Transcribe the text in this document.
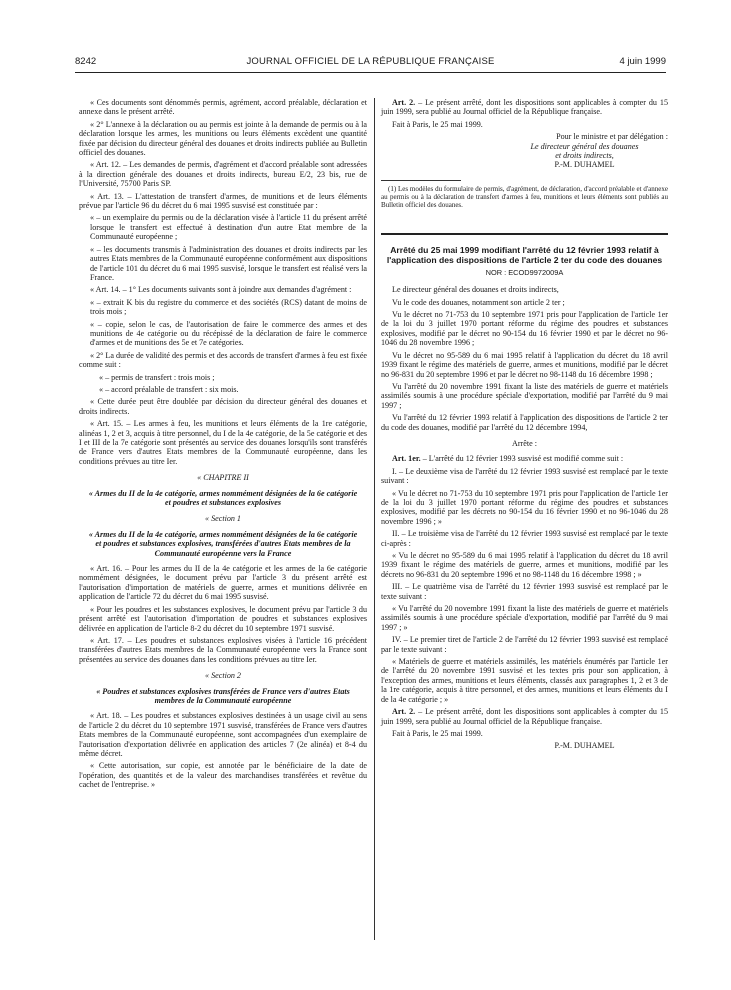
8242	JOURNAL OFFICIEL DE LA RÉPUBLIQUE FRANÇAISE	4 juin 1999

« Ces documents sont dénommés permis, agrément, accord préalable, déclaration et annexe dans le présent arrêté.

« 2° L'annexe à la déclaration ou au permis est jointe à la demande de permis ou à la déclaration lorsque les armes, les munitions ou leurs éléments excèdent une quantité fixée par décision du directeur général des douanes et droits indirects publiée au Bulletin officiel des douanes.

« Art. 12. – Les demandes de permis, d'agrément et d'accord préalable sont adressées à la direction générale des douanes et droits indirects, bureau E/2, 23 bis, rue de l'Université, 75700 Paris SP.

« Art. 13. – L'attestation de transfert d'armes, de munitions et de leurs éléments prévue par l'article 96 du décret du 6 mai 1995 susvisé est constituée par :

« – un exemplaire du permis ou de la déclaration visée à l'article 11 du présent arrêté lorsque le transfert est effectué à destination d'un autre Etat membre de la Communauté européenne ;

« – les documents transmis à l'administration des douanes et droits indirects par les autres Etats membres de la Communauté européenne conformément aux dispositions de l'article 101 du décret du 6 mai 1995 susvisé, lorsque le transfert est réalisé vers la France.

« Art. 14. – 1° Les documents suivants sont à joindre aux demandes d'agrément :

« – extrait K bis du registre du commerce et des sociétés (RCS) datant de moins de trois mois ;

« – copie, selon le cas, de l'autorisation de faire le commerce des armes et des munitions de 4e catégorie ou du récépissé de la déclaration de faire le commerce d'armes et de munitions des 5e et 7e catégories.

« 2° La durée de validité des permis et des accords de transfert d'armes à feu est fixée comme suit :

« – permis de transfert : trois mois ;

« – accord préalable de transfert : six mois.

« Cette durée peut être doublée par décision du directeur général des douanes et droits indirects.

« Art. 15. – Les armes à feu, les munitions et leurs éléments de la 1re catégorie, alinéas 1, 2 et 3, acquis à titre personnel, du I de la 4e catégorie, de la 5e catégorie et des I et III de la 7e catégorie sont présentés au service des douanes lorsqu'ils sont transférés de France vers d'autres Etats membres de la Communauté européenne, dans les conditions prévues au titre Ier.

« CHAPITRE II

« Armes du II de la 4e catégorie, armes nommément désignées de la 6e catégorie et poudres et substances explosives

« Section 1

« Armes du II de la 4e catégorie, armes nommément désignées de la 6e catégorie et poudres et substances explosives, transférées d'autres Etats membres de la Communauté européenne vers la France

« Art. 16. – Pour les armes du II de la 4e catégorie et les armes de la 6e catégorie nommément désignées, le document prévu par l'article 3 du présent arrêté est l'autorisation d'importation de matériels de guerre, armes et munitions délivrée en application de l'article 72 du décret du 6 mai 1995 susvisé.

« Pour les poudres et les substances explosives, le document prévu par l'article 3 du présent arrêté est l'autorisation d'importation de poudres et substances explosives délivrée en application de l'article 8-2 du décret du 10 septembre 1971 susvisé.

« Art. 17. – Les poudres et substances explosives visées à l'article 16 précédent transférées d'autres Etats membres de la Communauté européenne vers la France sont présentées au service des douanes dans les conditions prévues au titre Ier.

« Section 2

« Poudres et substances explosives transférées de France vers d'autres Etats membres de la Communauté européenne

« Art. 18. – Les poudres et substances explosives destinées à un usage civil au sens de l'article 2 du décret du 10 septembre 1971 susvisé, transférées de France vers d'autres Etats membres de la Communauté européenne, sont accompagnées d'un exemplaire de l'autorisation d'exportation délivrée en application des articles 7 (2e alinéa) et 8-4 du même décret.

« Cette autorisation, sur copie, est annotée par le bénéficiaire de la date de l'opération, des quantités et de la valeur des marchandises transférées et revêtue du cachet de l'entreprise. »

Art. 2. – Le présent arrêté, dont les dispositions sont applicables à compter du 15 juin 1999, sera publié au Journal officiel de la République française.

Fait à Paris, le 25 mai 1999.

Pour le ministre et par délégation :

Le directeur général des douanes

et droits indirects,

P.-M. DUHAMEL

(1) Les modèles du formulaire de permis, d'agrément, de déclaration, d'accord préalable et d'annexe au permis ou à la déclaration de transfert d'armes à feu, munitions et leurs éléments sont publiés au Bulletin officiel des douanes.

Arrêté du 25 mai 1999 modifiant l'arrêté du 12 février 1993 relatif à l'application des dispositions de l'article 2 ter du code des douanes
NOR : ECOD9972009A

Le directeur général des douanes et droits indirects,

Vu le code des douanes, notamment son article 2 ter ;

Vu le décret no 71-753 du 10 septembre 1971 pris pour l'application de l'article 1er de la loi du 3 juillet 1970 portant réforme du régime des poudres et substances explosives, modifié par le décret no 90-154 du 16 février 1990 et par le décret no 96-1046 du 28 novembre 1996 ;

Vu le décret no 95-589 du 6 mai 1995 relatif à l'application du décret du 18 avril 1939 fixant le régime des matériels de guerre, armes et munitions, modifié par le décret no 96-831 du 20 septembre 1996 et par le décret no 98-1148 du 16 décembre 1998 ;

Vu l'arrêté du 20 novembre 1991 fixant la liste des matériels de guerre et matériels assimilés soumis à une procédure spéciale d'exportation, modifié par l'arrêté du 9 mai 1997 ;

Vu l'arrêté du 12 février 1993 relatif à l'application des dispositions de l'article 2 ter du code des douanes, modifié par l'arrêté du 12 décembre 1994,

Arrête :

Art. 1er. – L'arrêté du 12 février 1993 susvisé est modifié comme suit :

I. – Le deuxième visa de l'arrêté du 12 février 1993 susvisé est remplacé par le texte suivant :

« Vu le décret no 71-753 du 10 septembre 1971 pris pour l'application de l'article 1er de la loi du 3 juillet 1970 portant réforme du régime des poudres et substances explosives, modifié par les décrets no 90-154 du 16 février 1990 et no 96-1046 du 28 novembre 1996 ; »

II. – Le troisième visa de l'arrêté du 12 février 1993 susvisé est remplacé par le texte ci-après :

« Vu le décret no 95-589 du 6 mai 1995 relatif à l'application du décret du 18 avril 1939 fixant le régime des matériels de guerre, armes et munitions, modifié par les décrets no 96-831 du 20 septembre 1996 et no 98-1148 du 16 décembre 1998 ; »

III. – Le quatrième visa de l'arrêté du 12 février 1993 susvisé est remplacé par le texte suivant :

« Vu l'arrêté du 20 novembre 1991 fixant la liste des matériels de guerre et matériels assimilés soumis à une procédure spéciale d'exportation, modifié par l'arrêté du 9 mai 1997 ; »

IV. – Le premier tiret de l'article 2 de l'arrêté du 12 février 1993 susvisé est remplacé par le texte suivant :

« Matériels de guerre et matériels assimilés, les matériels énumérés par l'article 1er de l'arrêté du 20 novembre 1991 susvisé et les textes pris pour son application, à l'exception des armes, munitions et leurs éléments, classés aux paragraphes 1, 2 et 3 de la 1re catégorie, acquis à titre personnel, et des armes, munitions et leurs éléments du I de la 4e catégorie ; »

Art. 2. – Le présent arrêté, dont les dispositions sont applicables à compter du 15 juin 1999, sera publié au Journal officiel de la République française.

Fait à Paris, le 25 mai 1999.

P.-M. DUHAMEL
